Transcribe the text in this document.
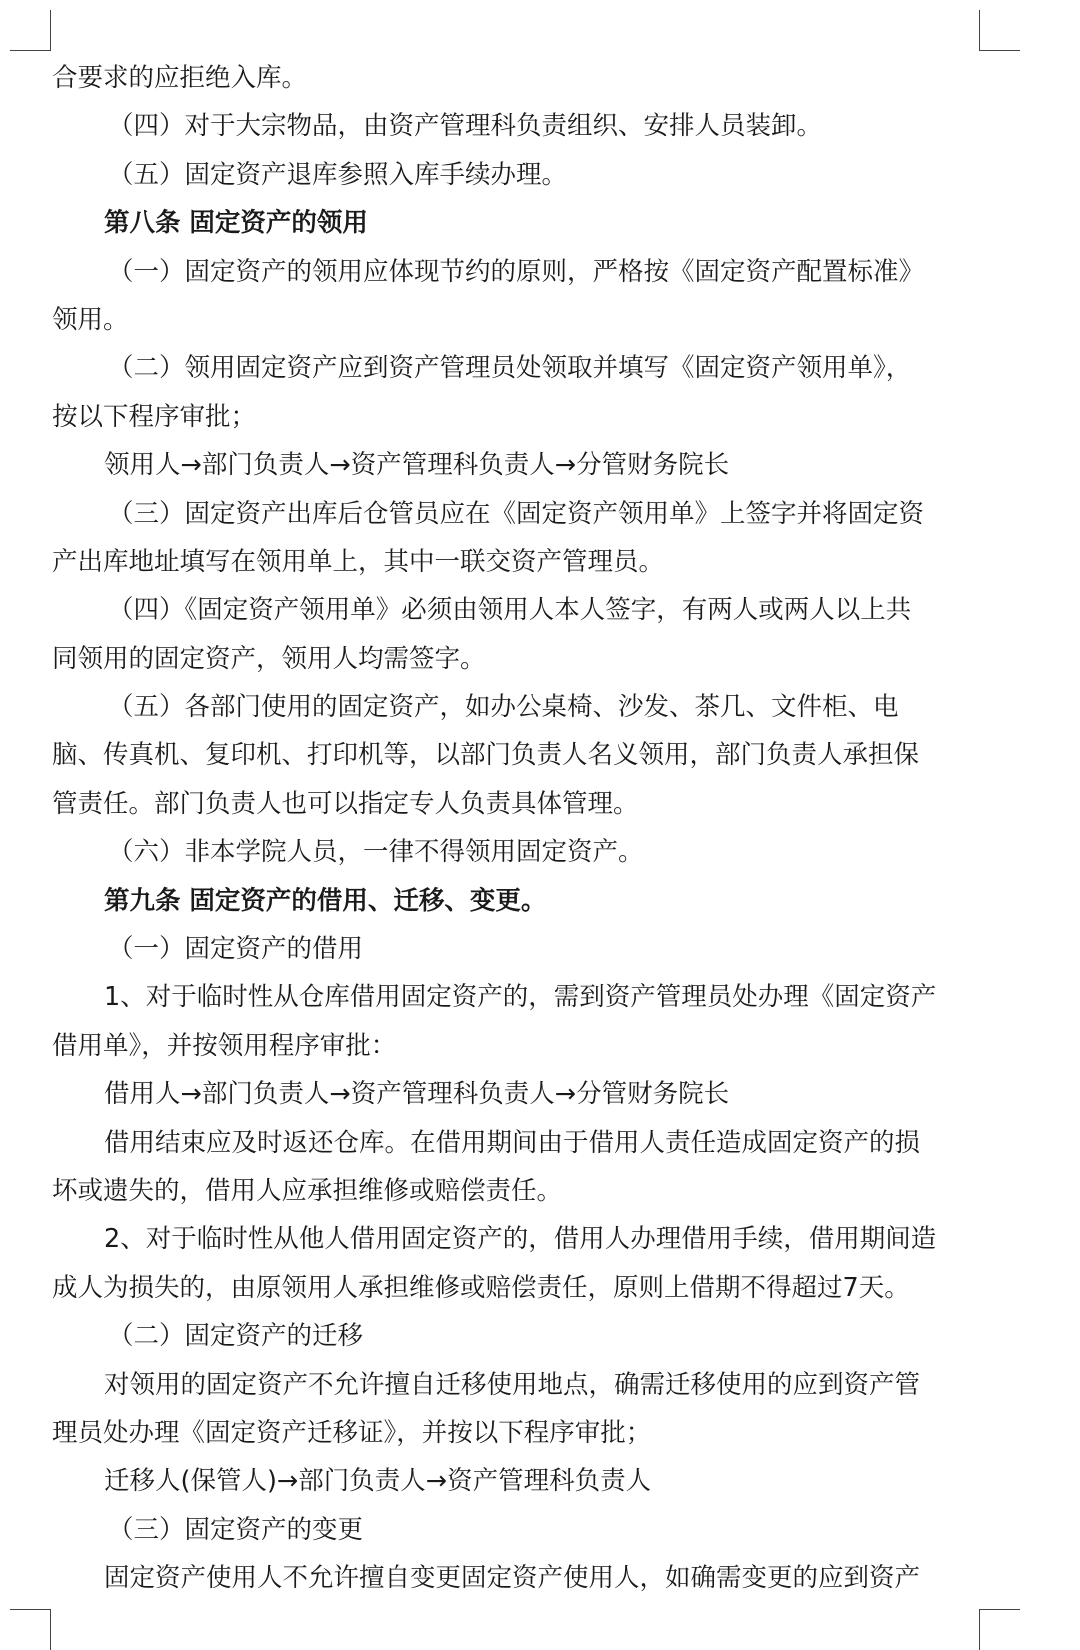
合要求的应拒绝入库。
（四）对于大宗物品，由资产管理科负责组织、安排人员装卸。
（五）固定资产退库参照入库手续办理。
第八条 固定资产的领用
（一）固定资产的领用应体现节约的原则，严格按《固定资产配置标准》
领用。
（二）领用固定资产应到资产管理员处领取并填写《固定资产领用单》，
按以下程序审批；
领用人→部门负责人→资产管理科负责人→分管财务院长
（三）固定资产出库后仓管员应在《固定资产领用单》上签字并将固定资
产出库地址填写在领用单上，其中一联交资产管理员。
（四）《固定资产领用单》必须由领用人本人签字，有两人或两人以上共
同领用的固定资产，领用人均需签字。
（五）各部门使用的固定资产，如办公桌椅、沙发、茶几、文件柜、电
脑、传真机、复印机、打印机等，以部门负责人名义领用，部门负责人承担保
管责任。部门负责人也可以指定专人负责具体管理。
（六）非本学院人员，一律不得领用固定资产。
第九条 固定资产的借用、迁移、变更。
（一）固定资产的借用
1、对于临时性从仓库借用固定资产的，需到资产管理员处办理《固定资产
借用单》，并按领用程序审批：
借用人→部门负责人→资产管理科负责人→分管财务院长
借用结束应及时返还仓库。在借用期间由于借用人责任造成固定资产的损
坏或遗失的，借用人应承担维修或赔偿责任。
2、对于临时性从他人借用固定资产的，借用人办理借用手续，借用期间造
成人为损失的，由原领用人承担维修或赔偿责任，原则上借期不得超过7天。
（二）固定资产的迁移
对领用的固定资产不允许擅自迁移使用地点，确需迁移使用的应到资产管
理员处办理《固定资产迁移证》，并按以下程序审批；
迁移人(保管人)→部门负责人→资产管理科负责人
（三）固定资产的变更
固定资产使用人不允许擅自变更固定资产使用人，如确需变更的应到资产
